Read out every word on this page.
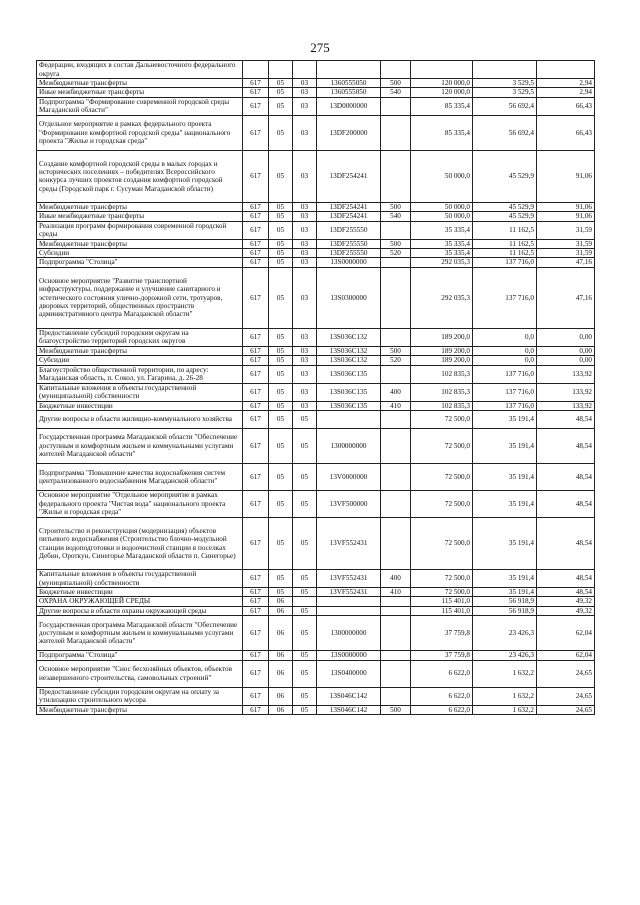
275
Федерации, входящих в состав Дальневосточного федерального округа								
Межбюджетные трансферты	617	05	03	1360555050	500	120 000,0	3 529,5	2,94
Иные межбюджетные трансферты	617	05	03	1360555050	540	120 000,0	3 529,5	2,94
Подпрограмма "Формирование современной городской среды Магаданской области"	617	05	03	13D0000000		85 335,4	56 692,4	66,43
Отдельное мероприятие в рамках федерального проекта "Формирование комфортной городской среды" национального проекта "Жилье и городская среда"	617	05	03	13DF200000		85 335,4	56 692,4	66,43
Создание комфортной городской среды в малых городах и исторических поселениях – победителях Всероссийского конкурса лучших проектов создания комфортной городской среды (Городской парк г. Сусуман Магаданской области)	617	05	03	13DF254241		50 000,0	45 529,9	91,06
Межбюджетные трансферты	617	05	03	13DF254241	500	50 000,0	45 529,9	91,06
Иные межбюджетные трансферты	617	05	03	13DF254241	540	50 000,0	45 529,9	91,06
Реализация программ формирования современной городской среды	617	05	03	13DF255550		35 335,4	11 162,5	31,59
Межбюджетные трансферты	617	05	03	13DF255550	500	35 335,4	11 162,5	31,59
Субсидии	617	05	03	13DF255550	520	35 335,4	11 162,5	31,59
Подпрограмма "Столица"	617	05	03	13S0000000		292 035,3	137 716,0	47,16
Основное мероприятие "Развитие транспортной инфраструктуры, поддержание и улучшение санитарного и эстетического состояния улично-дорожной сети, тротуаров, дворовых территорий, общественных пространств административного центра Магаданской области"	617	05	03	13S0300000		292 035,3	137 716,0	47,16
Предоставление субсидий городским округам на благоустройство территорий городских округов	617	05	03	13S036C132		189 200,0	0,0	0,00
Межбюджетные трансферты	617	05	03	13S036C132	500	189 200,0	0,0	0,00
Субсидии	617	05	03	13S036C132	520	189 200,0	0,0	0,00
Благоустройство общественной территории, по адресу: Магаданская область, п. Сокол, ул. Гагарина, д. 26-28	617	05	03	13S036C135		102 835,3	137 716,0	133,92
Капитальные вложения в объекты государственной (муниципальной) собственности	617	05	03	13S036C135	400	102 835,3	137 716,0	133,92
Бюджетные инвестиции	617	05	03	13S036C135	410	102 835,3	137 716,0	133,92
Другие вопросы в области жилищно-коммунального хозяйства	617	05	05			72 500,0	35 191,4	48,54
Государственная программа Магаданской области "Обеспечение доступным и комфортным жильем и коммунальными услугами жителей Магаданской области"	617	05	05	1300000000		72 500,0	35 191,4	48,54
Подпрограмма "Повышение качества водоснабжения систем централизованного водоснабжения Магаданской области"	617	05	05	13V0000000		72 500,0	35 191,4	48,54
Основное мероприятие "Отдельное мероприятие в рамках федерального проекта "Чистая вода" национального проекта "Жилье и городская среда"	617	05	05	13VF500000		72 500,0	35 191,4	48,54
Строительство и реконструкция (модернизация) объектов питьевого водоснабжения (Строительство блочно-модульной станции водоподготовки и водоочистной станции в поселках Дебин, Ороткун, Синегорье Магаданской области п. Синегорье)	617	05	05	13VF552431		72 500,0	35 191,4	48,54
Капитальные вложения в объекты государственной (муниципальной) собственности	617	05	05	13VF552431	400	72 500,0	35 191,4	48,54
Бюджетные инвестиции	617	05	05	13VF552431	410	72 500,0	35 191,4	48,54
ОХРАНА ОКРУЖАЮЩЕЙ СРЕДЫ	617	06				115 401,0	56 918,9	49,32
Другие вопросы в области охраны окружающей среды	617	06	05			115 401,0	56 918,9	49,32
Государственная программа Магаданской области "Обеспечение доступным и комфортным жильем и коммунальными услугами жителей Магаданской области"	617	06	05	1300000000		37 759,8	23 426,3	62,04
Подпрограмма "Столица"	617	06	05	13S0000000		37 759,8	23 426,3	62,04
Основное мероприятие "Снос бесхозяйных объектов, объектов незавершенного строительства, самовольных строений"	617	06	05	13S0400000		6 622,0	1 632,2	24,65
Предоставление субсидии городским округам на оплату за утилизацию строительного мусора	617	06	05	13S046C142		6 622,0	1 632,2	24,65
Межбюджетные трансферты	617	06	05	13S046C142	500	6 622,0	1 632,2	24,65
